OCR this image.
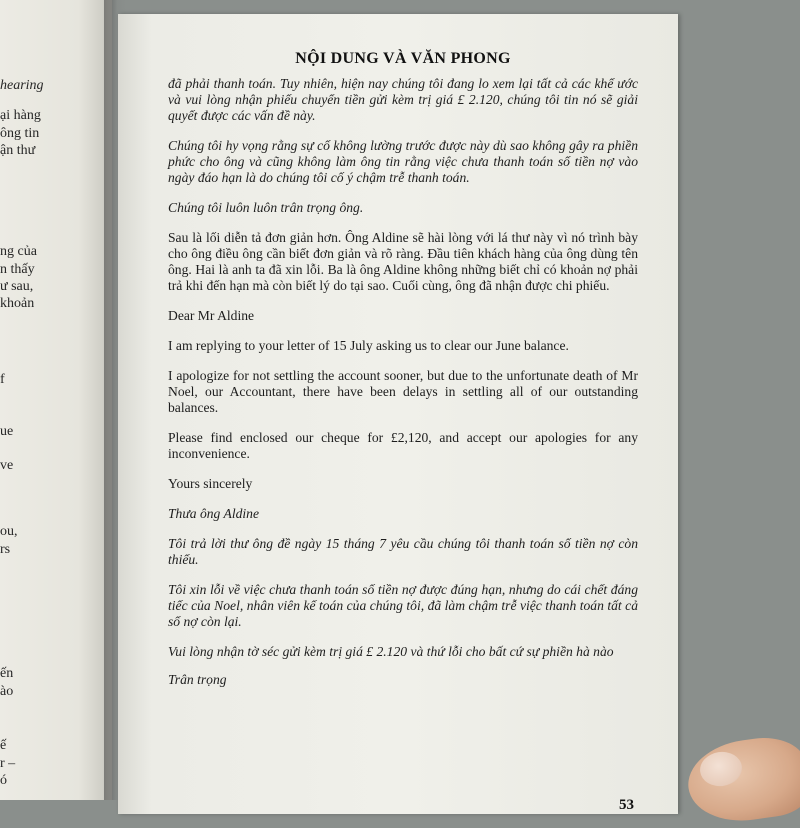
hearing
ại hàng
ông tin
ận thư
ng của
n thấy
ư sau,
khoản
f
ue
ve
ou,
rs
ến
ào
ế
r –
ó
NỘI DUNG VÀ VĂN PHONG

đã phải thanh toán. Tuy nhiên, hiện nay chúng tôi đang lo xem lại tất cả các khế ước và vui lòng nhận phiếu chuyển tiền gửi kèm trị giá £ 2.120, chúng tôi tin nó sẽ giải quyết được các vấn đề này.

Chúng tôi hy vọng rằng sự cố không lường trước được này dù sao không gây ra phiền phức cho ông và cũng không làm ông tin rằng việc chưa thanh toán số tiền nợ vào ngày đáo hạn là do chúng tôi cố ý chậm trễ thanh toán.

Chúng tôi luôn luôn trân trọng ông.

Sau là lối diễn tả đơn giản hơn. Ông Aldine sẽ hài lòng với lá thư này vì nó trình bày cho ông điều ông cần biết đơn giản và rõ ràng. Đầu tiên khách hàng của ông dùng tên ông. Hai là anh ta đã xin lỗi. Ba là ông Aldine không những biết chỉ có khoản nợ phải trả khi đến hạn mà còn biết lý do tại sao. Cuối cùng, ông đã nhận được chi phiếu.

Dear Mr Aldine

I am replying to your letter of 15 July asking us to clear our June balance.

I apologize for not settling the account sooner, but due to the unfortunate death of Mr Noel, our Accountant, there have been delays in settling all of our outstanding balances.

Please find enclosed our cheque for £2,120, and accept our apologies for any inconvenience.

Yours sincerely

Thưa ông Aldine

Tôi trả lời thư ông đề ngày 15 tháng 7 yêu cầu chúng tôi thanh toán số tiền nợ còn thiếu.

Tôi xin lỗi về việc chưa thanh toán số tiền nợ được đúng hạn, nhưng do cái chết đáng tiếc của Noel, nhân viên kế toán của chúng tôi, đã làm chậm trễ việc thanh toán tất cả số nợ còn lại.

Vui lòng nhận tờ séc gửi kèm trị giá £ 2.120 và thứ lỗi cho bất cứ sự phiền hà nào

Trân trọng

53
